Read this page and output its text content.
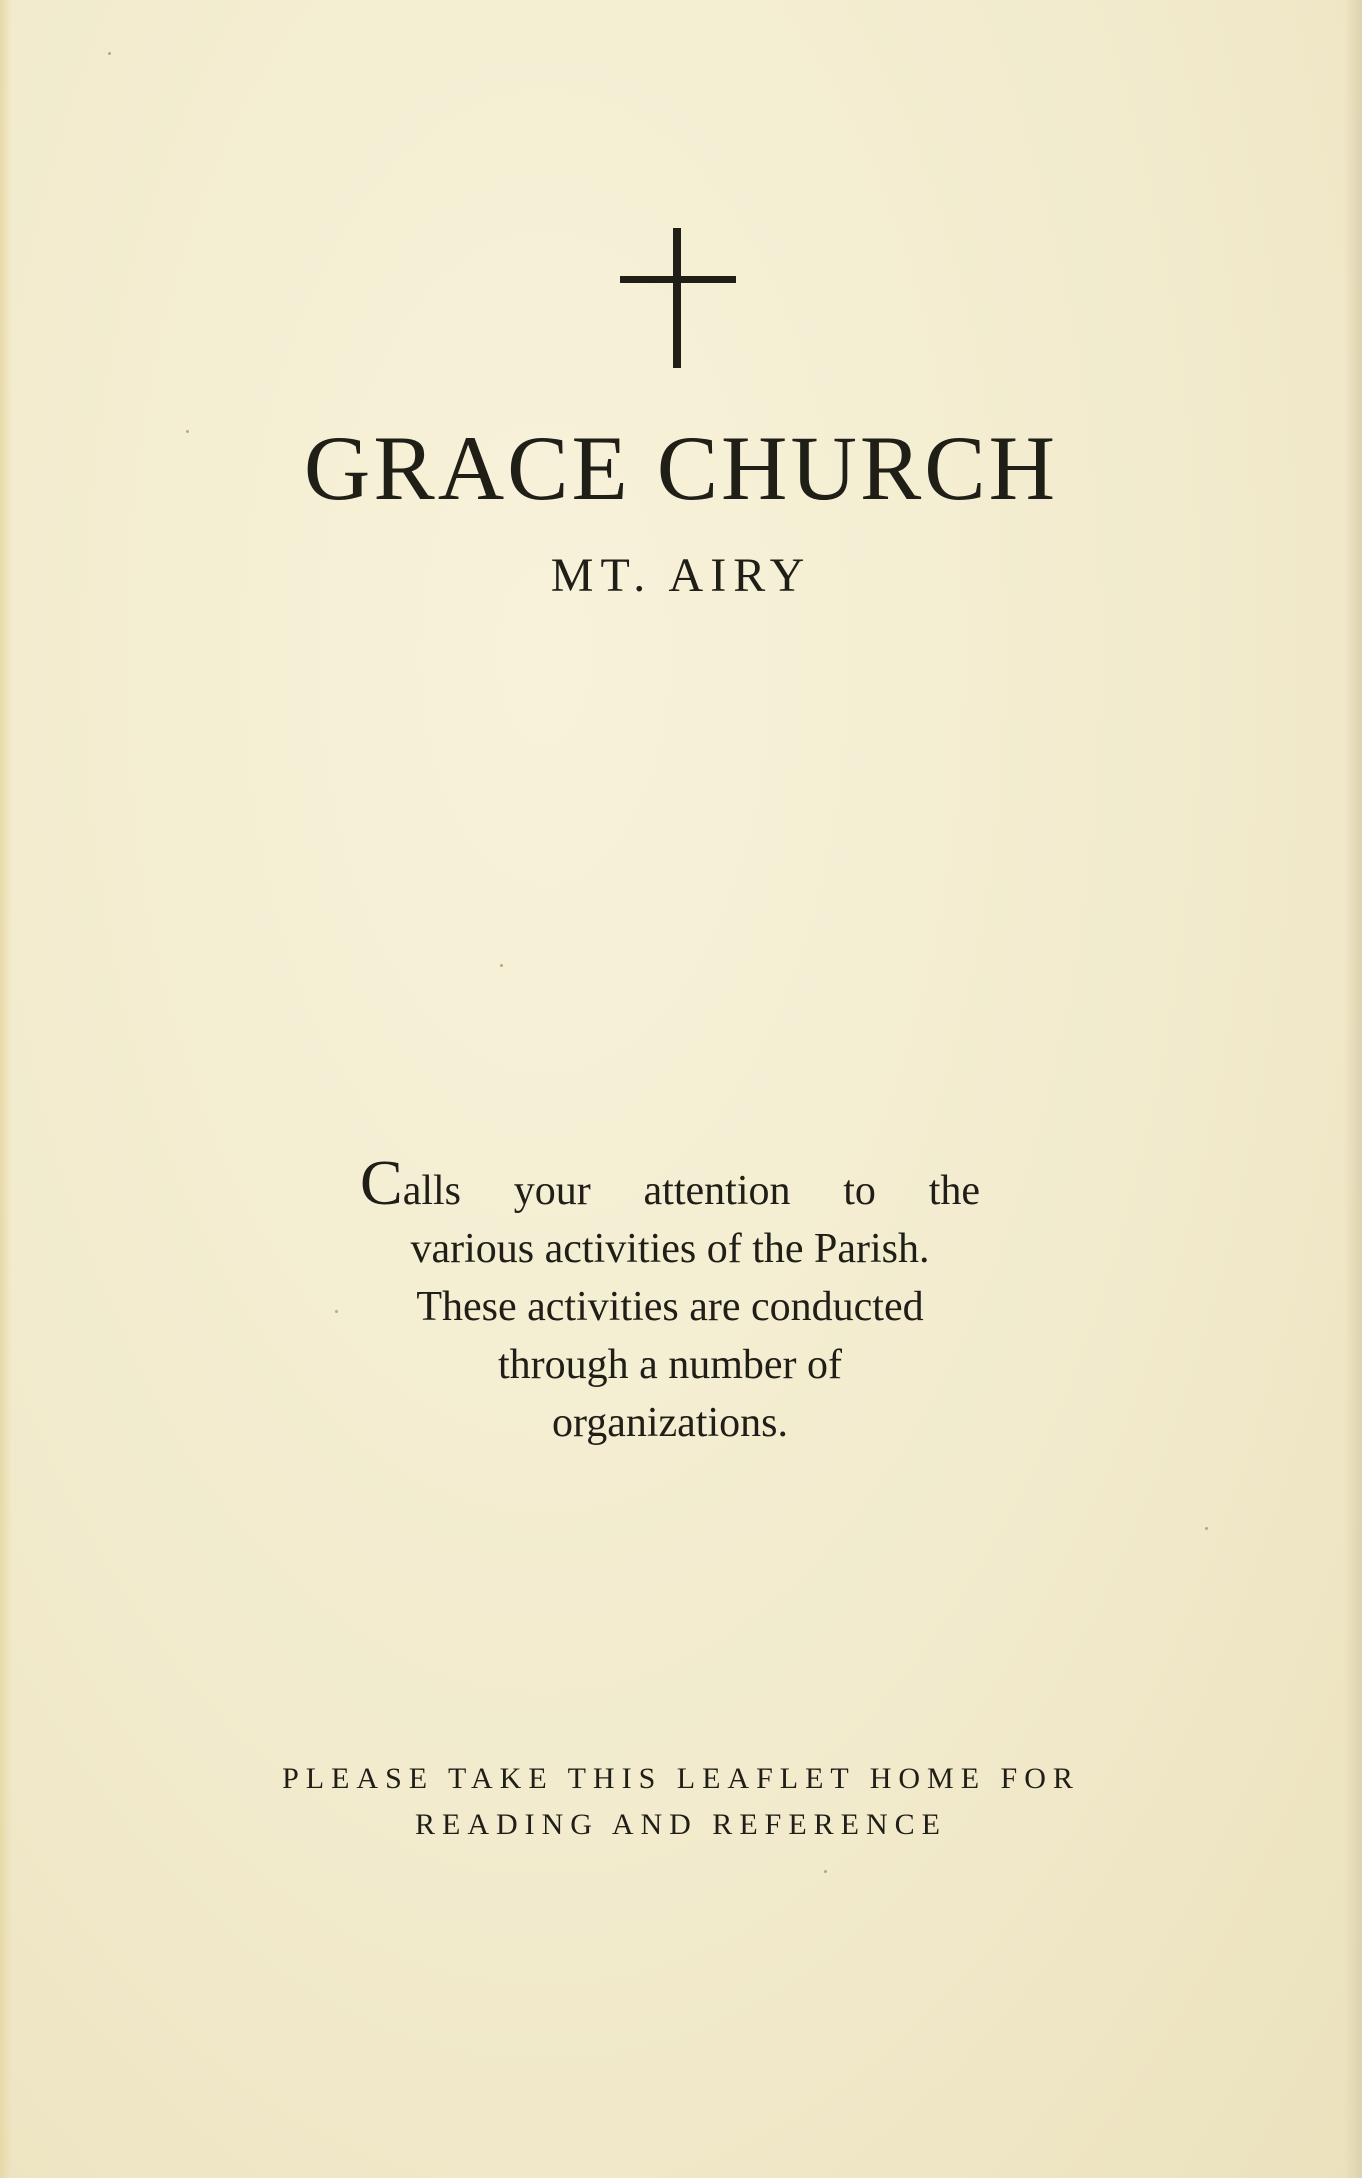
GRACE CHURCH
MT. AIRY
Calls your attention to the
various activities of the Parish.
These activities are conducted
through a number of
organizations.
PLEASE TAKE THIS LEAFLET HOME FOR
READING AND REFERENCE
